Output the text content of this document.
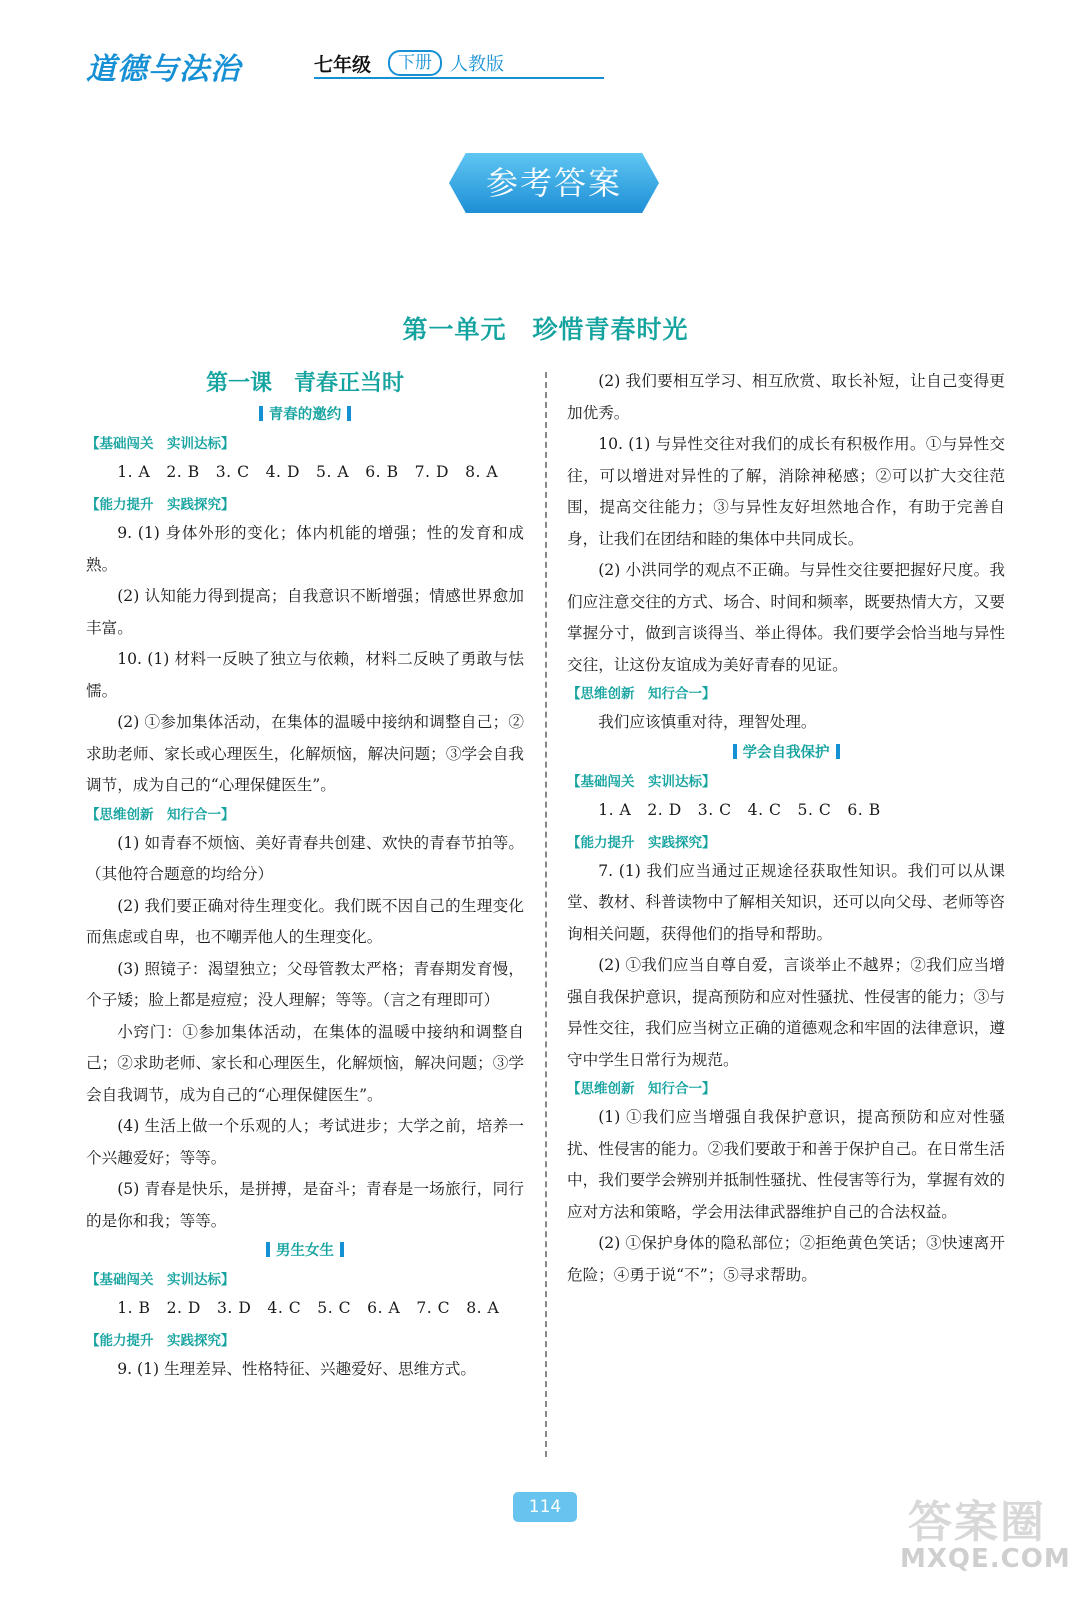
道德与法治	七年级	下册	人教版
参考答案
第一单元　珍惜青春时光
第一课　青春正当时
青春的邀约
【基础闯关　实训达标】

1. A　2. B　3. C　4. D　5. A　6. B　7. D　8. A

【能力提升　实践探究】

9. (1) 身体外形的变化；体内机能的增强；性的发育和成熟。

(2) 认知能力得到提高；自我意识不断增强；情感世界愈加丰富。

10. (1) 材料一反映了独立与依赖，材料二反映了勇敢与怯懦。

(2) ①参加集体活动，在集体的温暖中接纳和调整自己；②求助老师、家长或心理医生，化解烦恼，解决问题；③学会自我调节，成为自己的“心理保健医生”。

【思维创新　知行合一】

(1) 如青春不烦恼、美好青春共创建、欢快的青春节拍等。（其他符合题意的均给分）

(2) 我们要正确对待生理变化。我们既不因自己的生理变化而焦虑或自卑，也不嘲弄他人的生理变化。

(3) 照镜子：渴望独立；父母管教太严格；青春期发育慢，个子矮；脸上都是痘痘；没人理解；等等。（言之有理即可）

小窍门：①参加集体活动，在集体的温暖中接纳和调整自己；②求助老师、家长和心理医生，化解烦恼，解决问题；③学会自我调节，成为自己的“心理保健医生”。

(4) 生活上做一个乐观的人；考试进步；大学之前，培养一个兴趣爱好；等等。

(5) 青春是快乐，是拼搏，是奋斗；青春是一场旅行，同行的是你和我；等等。

男生女生
【基础闯关　实训达标】

1. B　2. D　3. D　4. C　5. C　6. A　7. C　8. A

【能力提升　实践探究】

9. (1) 生理差异、性格特征、兴趣爱好、思维方式。

(2) 我们要相互学习、相互欣赏、取长补短，让自己变得更加优秀。

10. (1) 与异性交往对我们的成长有积极作用。①与异性交往，可以增进对异性的了解，消除神秘感；②可以扩大交往范围，提高交往能力；③与异性友好坦然地合作，有助于完善自身，让我们在团结和睦的集体中共同成长。

(2) 小洪同学的观点不正确。与异性交往要把握好尺度。我们应注意交往的方式、场合、时间和频率，既要热情大方，又要掌握分寸，做到言谈得当、举止得体。我们要学会恰当地与异性交往，让这份友谊成为美好青春的见证。

【思维创新　知行合一】

我们应该慎重对待，理智处理。

学会自我保护
【基础闯关　实训达标】

1. A　2. D　3. C　4. C　5. C　6. B

【能力提升　实践探究】

7. (1) 我们应当通过正规途径获取性知识。我们可以从课堂、教材、科普读物中了解相关知识，还可以向父母、老师等咨询相关问题，获得他们的指导和帮助。

(2) ①我们应当自尊自爱，言谈举止不越界；②我们应当增强自我保护意识，提高预防和应对性骚扰、性侵害的能力；③与异性交往，我们应当树立正确的道德观念和牢固的法律意识，遵守中学生日常行为规范。

【思维创新　知行合一】

(1) ①我们应当增强自我保护意识，提高预防和应对性骚扰、性侵害的能力。②我们要敢于和善于保护自己。在日常生活中，我们要学会辨别并抵制性骚扰、性侵害等行为，掌握有效的应对方法和策略，学会用法律武器维护自己的合法权益。

(2) ①保护身体的隐私部位；②拒绝黄色笑话；③快速离开危险；④勇于说“不”；⑤寻求帮助。

114	答案圈
MXQE.COM
